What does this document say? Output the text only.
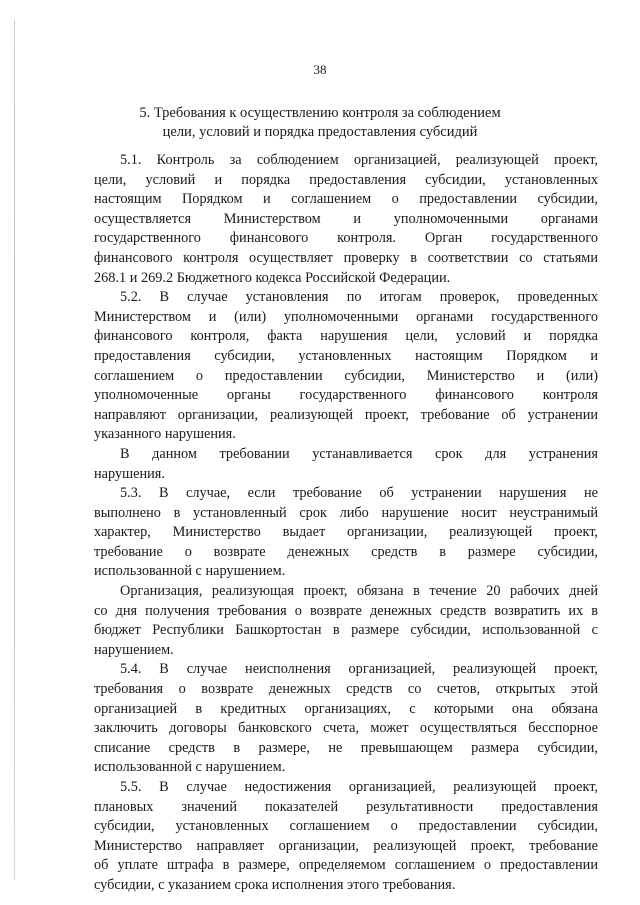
38
5. Требования к осуществлению контроля за соблюдением
цели, условий и порядка предоставления субсидий
5.1. Контроль за соблюдением организацией, реализующей проект,
цели, условий и порядка предоставления субсидии, установленных
настоящим Порядком и соглашением о предоставлении субсидии,
осуществляется Министерством и уполномоченными органами
государственного финансового контроля. Орган государственного
финансового контроля осуществляет проверку в соответствии со статьями
268.1 и 269.2 Бюджетного кодекса Российской Федерации.
5.2. В случае установления по итогам проверок, проведенных
Министерством и (или) уполномоченными органами государственного
финансового контроля, факта нарушения цели, условий и порядка
предоставления субсидии, установленных настоящим Порядком и
соглашением о предоставлении субсидии, Министерство и (или)
уполномоченные органы государственного финансового контроля
направляют организации, реализующей проект, требование об устранении
указанного нарушения.
В данном требовании устанавливается срок для устранения
нарушения.
5.3. В случае, если требование об устранении нарушения не
выполнено в установленный срок либо нарушение носит неустранимый
характер, Министерство выдает организации, реализующей проект,
требование о возврате денежных средств в размере субсидии,
использованной с нарушением.
Организация, реализующая проект, обязана в течение 20 рабочих дней
со дня получения требования о возврате денежных средств возвратить их в
бюджет Республики Башкортостан в размере субсидии, использованной с
нарушением.
5.4. В случае неисполнения организацией, реализующей проект,
требования о возврате денежных средств со счетов, открытых этой
организацией в кредитных организациях, с которыми она обязана
заключить договоры банковского счета, может осуществляться бесспорное
списание средств в размере, не превышающем размера субсидии,
использованной с нарушением.
5.5. В случае недостижения организацией, реализующей проект,
плановых значений показателей результативности предоставления
субсидии, установленных соглашением о предоставлении субсидии,
Министерство направляет организации, реализующей проект, требование
об уплате штрафа в размере, определяемом соглашением о предоставлении
субсидии, с указанием срока исполнения этого требования.
